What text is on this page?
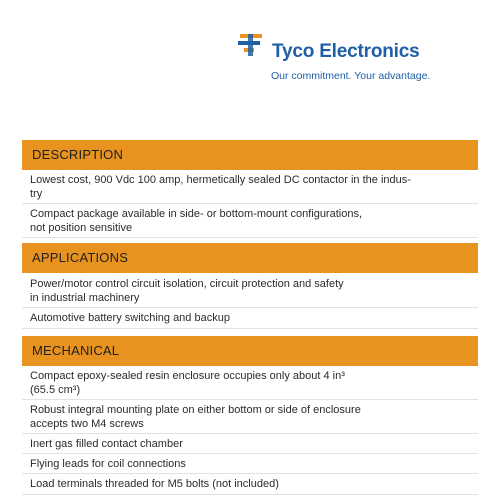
Tyco Electronics
Our commitment. Your advantage.
DESCRIPTION
Lowest cost, 900 Vdc 100 amp, hermetically sealed DC contactor in the indus-
try
Compact package available in side- or bottom-mount configurations,
not position sensitive
APPLICATIONS
Power/motor control circuit isolation, circuit protection and safety
in industrial machinery
Automotive battery switching and backup
MECHANICAL
Compact epoxy-sealed resin enclosure occupies only about 4 in³
(65.5 cm³)
Robust integral mounting plate on either bottom or side of enclosure
accepts two M4 screws
Inert gas filled contact chamber
Flying leads for coil connections
Load terminals threaded for M5 bolts (not included)
